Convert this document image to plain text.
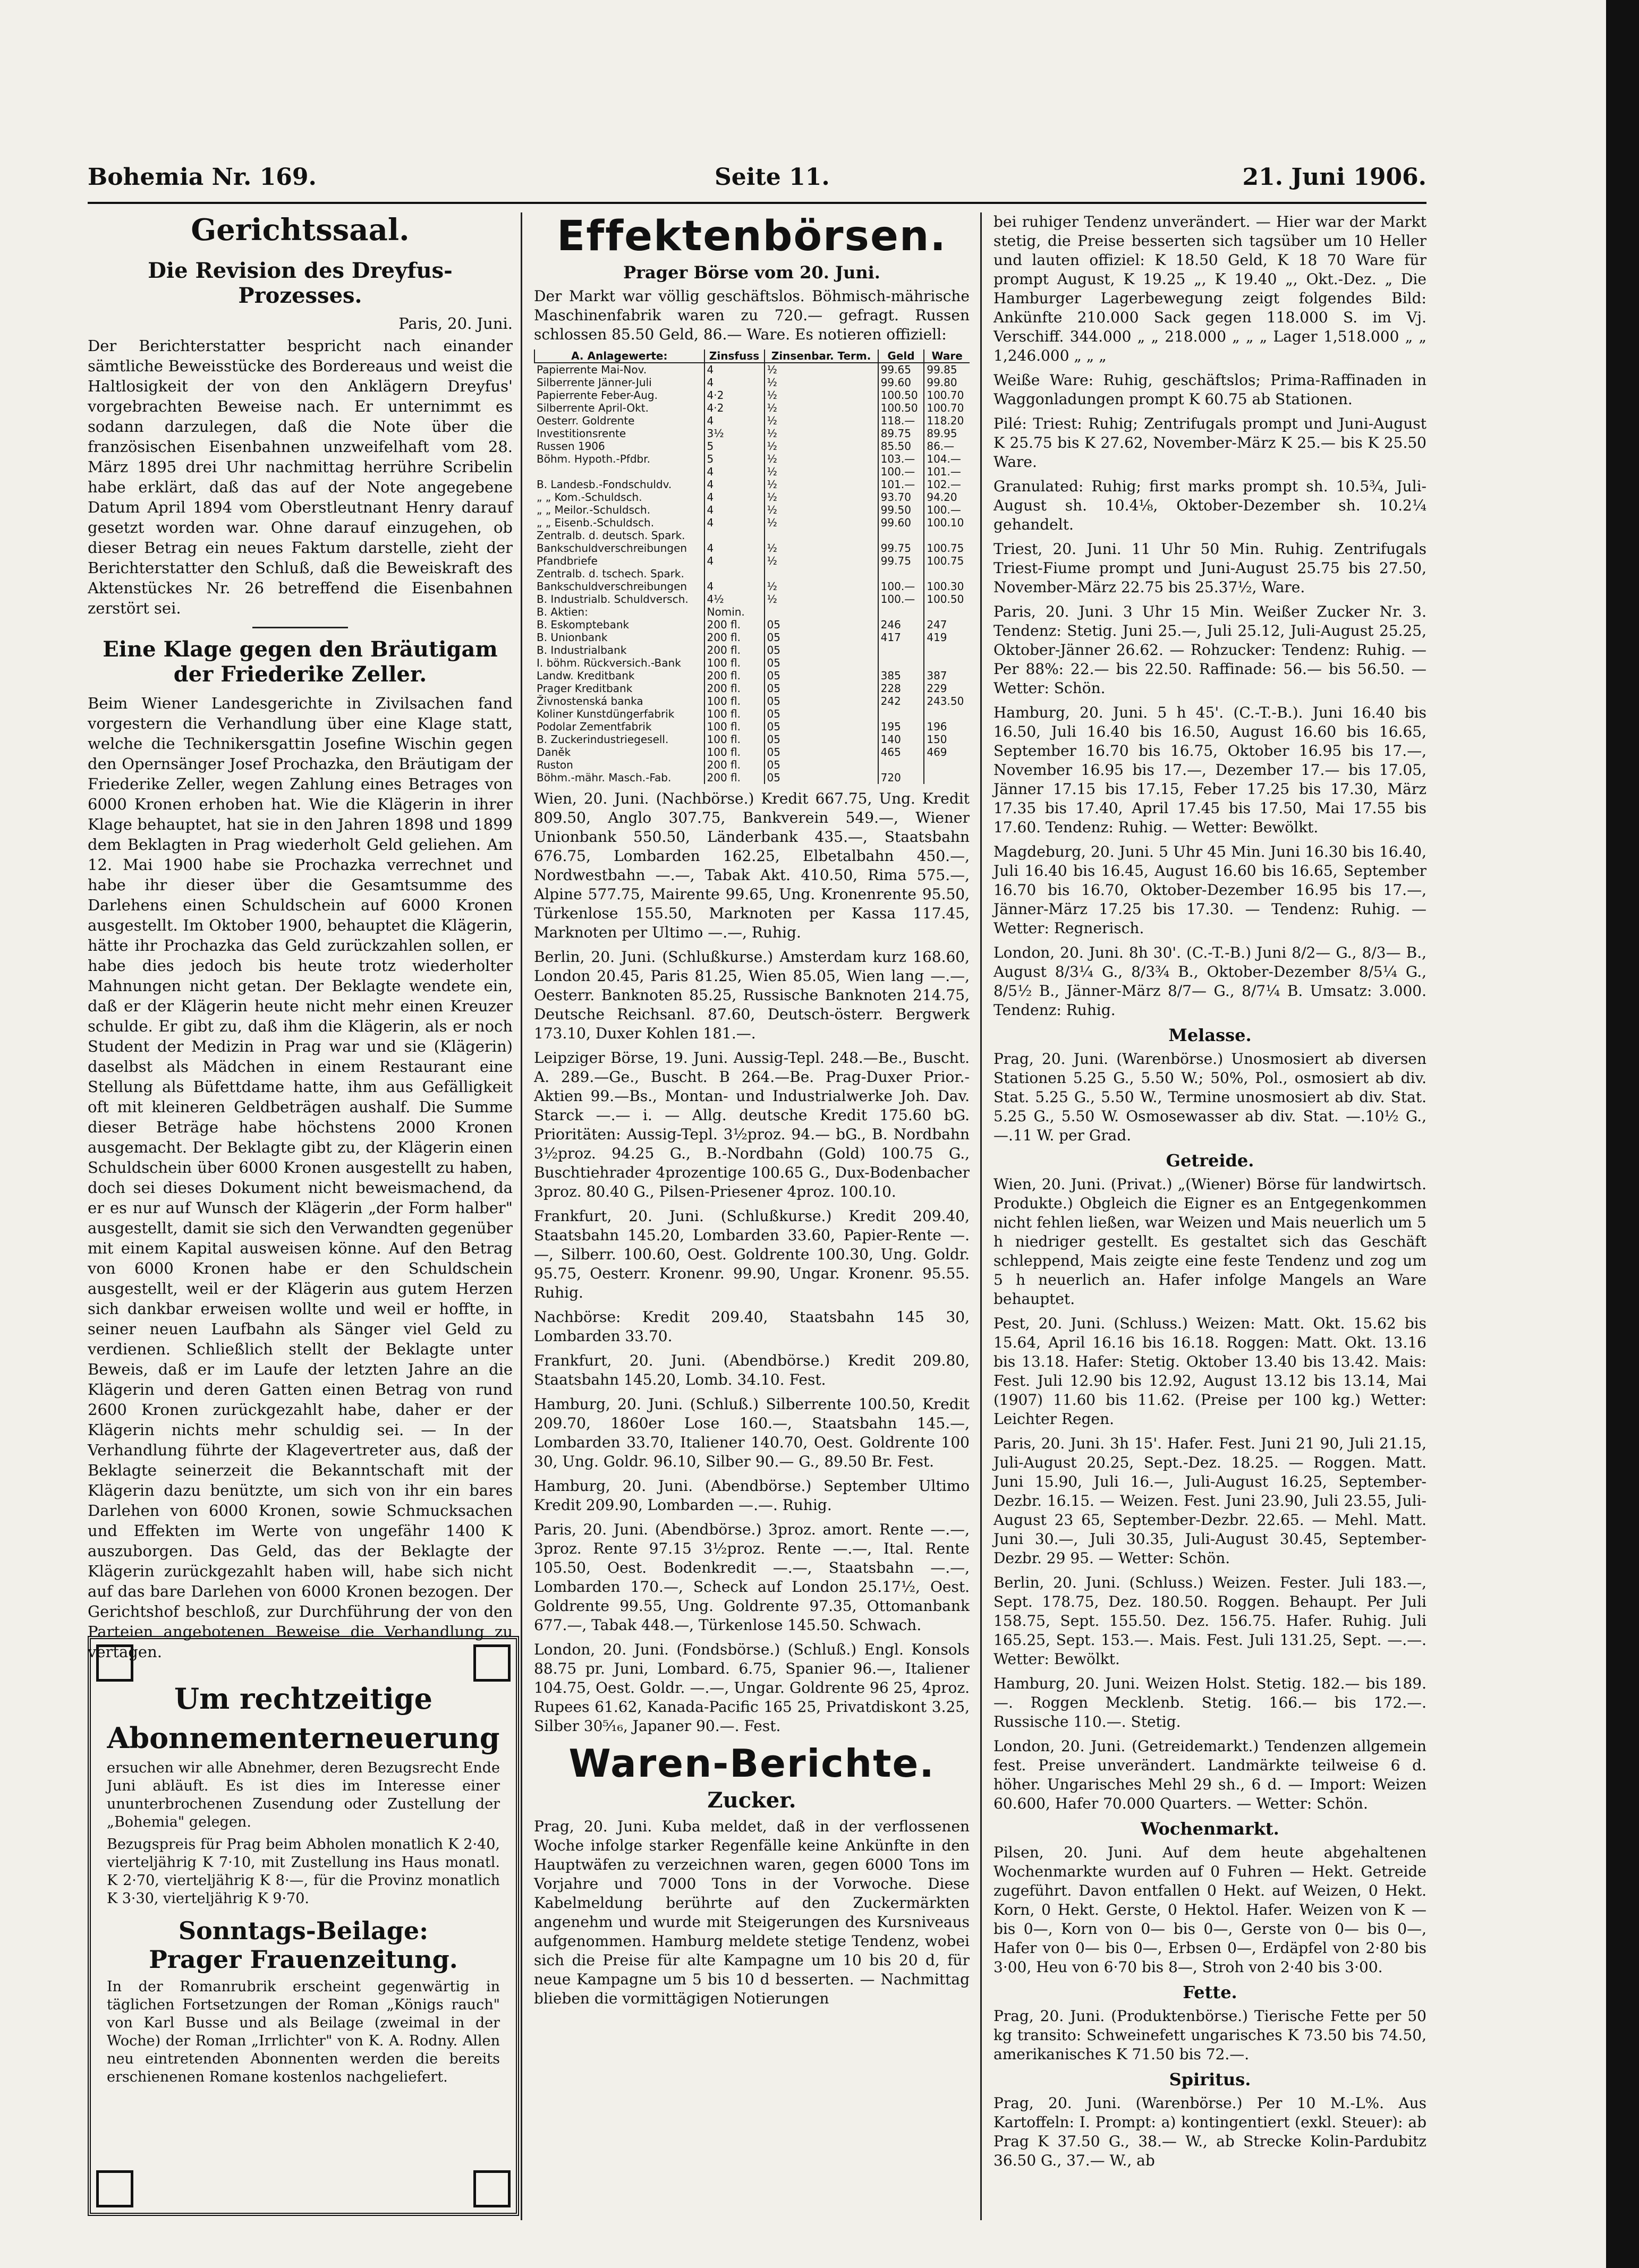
Bohemia Nr. 169.	Seite 11.	21. Juni 1906.
Gerichtssaal.
Die Revision des Dreyfus-Prozesses.
Paris, 20. Juni.

Der Berichterstatter bespricht nach einander sämtliche Beweisstücke des Bordereaus und weist die Haltlosigkeit der von den Anklägern Dreyfus' vorgebrachten Beweise nach. Er unternimmt es sodann darzulegen, daß die Note über die französischen Eisenbahnen unzweifelhaft vom 28. März 1895 drei Uhr nachmittag herrühre Scribelin habe erklärt, daß das auf der Note angegebene Datum April 1894 vom Oberstleutnant Henry darauf gesetzt worden war. Ohne darauf einzugehen, ob dieser Betrag ein neues Faktum darstelle, zieht der Berichterstatter den Schluß, daß die Beweiskraft des Aktenstückes Nr. 26 betreffend die Eisenbahnen zerstört sei.

Eine Klage gegen den Bräutigam der Friederike Zeller.

Beim Wiener Landesgerichte in Zivilsachen fand vorgestern die Verhandlung über eine Klage statt, welche die Technikersgattin Josefine Wischin gegen den Opernsänger Josef Prochazka, den Bräutigam der Friederike Zeller, wegen Zahlung eines Betrages von 6000 Kronen erhoben hat. Wie die Klägerin in ihrer Klage behauptet, hat sie in den Jahren 1898 und 1899 dem Beklagten in Prag wiederholt Geld geliehen. Am 12. Mai 1900 habe sie Prochazka verrechnet und habe ihr dieser über die Gesamtsumme des Darlehens einen Schuldschein auf 6000 Kronen ausgestellt. Im Oktober 1900, behauptet die Klägerin, hätte ihr Prochazka das Geld zurückzahlen sollen, er habe dies jedoch bis heute trotz wiederholter Mahnungen nicht getan. Der Beklagte wendete ein, daß er der Klägerin heute nicht mehr einen Kreuzer schulde. Er gibt zu, daß ihm die Klägerin, als er noch Student der Medizin in Prag war und sie (Klägerin) daselbst als Mädchen in einem Restaurant eine Stellung als Büfettdame hatte, ihm aus Gefälligkeit oft mit kleineren Geldbeträgen aushalf. Die Summe dieser Beträge habe höchstens 2000 Kronen ausgemacht. Der Beklagte gibt zu, der Klägerin einen Schuldschein über 6000 Kronen ausgestellt zu haben, doch sei dieses Dokument nicht beweismachend, da er es nur auf Wunsch der Klägerin „der Form halber" ausgestellt, damit sie sich den Verwandten gegenüber mit einem Kapital ausweisen könne. Auf den Betrag von 6000 Kronen habe er den Schuldschein ausgestellt, weil er der Klägerin aus gutem Herzen sich dankbar erweisen wollte und weil er hoffte, in seiner neuen Laufbahn als Sänger viel Geld zu verdienen. Schließlich stellt der Beklagte unter Beweis, daß er im Laufe der letzten Jahre an die Klägerin und deren Gatten einen Betrag von rund 2600 Kronen zurückgezahlt habe, daher er der Klägerin nichts mehr schuldig sei. — In der Verhandlung führte der Klagevertreter aus, daß der Beklagte seinerzeit die Bekanntschaft mit der Klägerin dazu benützte, um sich von ihr ein bares Darlehen von 6000 Kronen, sowie Schmucksachen und Effekten im Werte von ungefähr 1400 K auszuborgen. Das Geld, das der Beklagte der Klägerin zurückgezahlt haben will, habe sich nicht auf das bare Darlehen von 6000 Kronen bezogen. Der Gerichtshof beschloß, zur Durchführung der von den Parteien angebotenen Beweise die Verhandlung zu vertagen.

Um rechtzeitige
Abonnementerneuerung

ersuchen wir alle Abnehmer, deren Bezugsrecht Ende Juni abläuft. Es ist dies im Interesse einer ununterbrochenen Zusendung oder Zustellung der „Bohemia" gelegen.

Bezugspreis für Prag beim Abholen monatlich K 2·40, vierteljährig K 7·10, mit Zustellung ins Haus monatl. K 2·70, vierteljährig K 8·—, für die Provinz monatlich K 3·30, vierteljährig K 9·70.

Sonntags-Beilage:
Prager Frauenzeitung.

In der Romanrubrik erscheint gegenwärtig in täglichen Fortsetzungen der Roman „Königs rauch" von Karl Busse und als Beilage (zweimal in der Woche) der Roman „Irrlichter" von K. A. Rodny. Allen neu eintretenden Abonnenten werden die bereits erschienenen Romane kostenlos nachgeliefert.

Effektenbörsen.
Prager Börse vom 20. Juni.

Der Markt war völlig geschäftslos. Böhmisch-mährische Maschinenfabrik waren zu 720.— gefragt. Russen schlossen 85.50 Geld, 86.— Ware. Es notieren offiziell:

A. Anlagewerte:	Zinsfuss	Zinsenbar. Term.	Geld	Ware
Papierrente Mai-Nov.	4	½	99.65	99.85
Silberrente Jänner-Juli	4	½	99.60	99.80
Papierrente Feber-Aug.	4·2	½	100.50	100.70
Silberrente April-Okt.	4·2	½	100.50	100.70
Oesterr. Goldrente	4	½	118.—	118.20
Investitionsrente	3½	½	89.75	89.95
Russen 1906	5	½	85.50	86.—
Böhm. Hypoth.-Pfdbr.	5	½	103.—	104.—
	4	½	100.—	101.—
B. Landesb.-Fondschuldv.	4	½	101.—	102.—
„ „ Kom.-Schuldsch.	4	½	93.70	94.20
„ „ Meilor.-Schuldsch.	4	½	99.50	100.—
„ „ Eisenb.-Schuldsch.	4	½	99.60	100.10
Zentralb. d. deutsch. Spark.				
Bankschuldverschreibungen	4	½	99.75	100.75
Pfandbriefe	4	½	99.75	100.75
Zentralb. d. tschech. Spark.				
Bankschuldverschreibungen	4	½	100.—	100.30
B. Industrialb. Schuldversch.	4½	½	100.—	100.50
B. Aktien:	Nomin.			
B. Eskomptebank	200 fl.	05	246	247
B. Unionbank	200 fl.	05	417	419
B. Industrialbank	200 fl.	05		
I. böhm. Rückversich.-Bank	100 fl.	05		
Landw. Kreditbank	200 fl.	05	385	387
Prager Kreditbank	200 fl.	05	228	229
Živnostenská banka	100 fl.	05	242	243.50
Koliner Kunstdüngerfabrik	100 fl.	05		
Podolar Zementfabrik	100 fl.	05	195	196
B. Zuckerindustriegesell.	100 fl.	05	140	150
Daněk	100 fl.	05	465	469
Ruston	200 fl.	05		
Böhm.-mähr. Masch.-Fab.	200 fl.	05	720	

Wien, 20. Juni. (Nachbörse.) Kredit 667.75, Ung. Kredit 809.50, Anglo 307.75, Bankverein 549.—, Wiener Unionbank 550.50, Länderbank 435.—, Staatsbahn 676.75, Lombarden 162.25, Elbetalbahn 450.—, Nordwestbahn —.—, Tabak Akt. 410.50, Rima 575.—, Alpine 577.75, Mairente 99.65, Ung. Kronenrente 95.50, Türkenlose 155.50, Marknoten per Kassa 117.45, Marknoten per Ultimo —.—, Ruhig.

Berlin, 20. Juni. (Schlußkurse.) Amsterdam kurz 168.60, London 20.45, Paris 81.25, Wien 85.05, Wien lang —.—, Oesterr. Banknoten 85.25, Russische Banknoten 214.75, Deutsche Reichsanl. 87.60, Deutsch-österr. Bergwerk 173.10, Duxer Kohlen 181.—.

Leipziger Börse, 19. Juni. Aussig-Tepl. 248.—Be., Buscht. A. 289.—Ge., Buscht. B 264.—Be. Prag-Duxer Prior.-Aktien 99.—Bs., Montan- und Industrialwerke Joh. Dav. Starck —.— i. — Allg. deutsche Kredit 175.60 bG. Prioritäten: Aussig-Tepl. 3½proz. 94.— bG., B. Nordbahn 3½proz. 94.25 G., B.-Nordbahn (Gold) 100.75 G., Buschtiehrader 4prozentige 100.65 G., Dux-Bodenbacher 3proz. 80.40 G., Pilsen-Priesener 4proz. 100.10.

Frankfurt, 20. Juni. (Schlußkurse.) Kredit 209.40, Staatsbahn 145.20, Lombarden 33.60, Papier-Rente —.—, Silberr. 100.60, Oest. Goldrente 100.30, Ung. Goldr. 95.75, Oesterr. Kronenr. 99.90, Ungar. Kronenr. 95.55. Ruhig.

Nachbörse: Kredit 209.40, Staatsbahn 145 30, Lombarden 33.70.

Frankfurt, 20. Juni. (Abendbörse.) Kredit 209.80, Staatsbahn 145.20, Lomb. 34.10. Fest.

Hamburg, 20. Juni. (Schluß.) Silberrente 100.50, Kredit 209.70, 1860er Lose 160.—, Staatsbahn 145.—, Lombarden 33.70, Italiener 140.70, Oest. Goldrente 100 30, Ung. Goldr. 96.10, Silber 90.— G., 89.50 Br. Fest.

Hamburg, 20. Juni. (Abendbörse.) September Ultimo Kredit 209.90, Lombarden —.—. Ruhig.

Paris, 20. Juni. (Abendbörse.) 3proz. amort. Rente —.—, 3proz. Rente 97.15 3½proz. Rente —.—, Ital. Rente 105.50, Oest. Bodenkredit —.—, Staatsbahn —.—, Lombarden 170.—, Scheck auf London 25.17½, Oest. Goldrente 99.55, Ung. Goldrente 97.35, Ottomanbank 677.—, Tabak 448.—, Türkenlose 145.50. Schwach.

London, 20. Juni. (Fondsbörse.) (Schluß.) Engl. Konsols 88.75 pr. Juni, Lombard. 6.75, Spanier 96.—, Italiener 104.75, Oest. Goldr. —.—, Ungar. Goldrente 96 25, 4proz. Rupees 61.62, Kanada-Pacific 165 25, Privatdiskont 3.25, Silber 30⁵⁄₁₆, Japaner 90.—. Fest.

Waren-Berichte.
Zucker.

Prag, 20. Juni. Kuba meldet, daß in der verflossenen Woche infolge starker Regenfälle keine Ankünfte in den Hauptwäfen zu verzeichnen waren, gegen 6000 Tons im Vorjahre und 7000 Tons in der Vorwoche. Diese Kabelmeldung berührte auf den Zuckermärkten angenehm und wurde mit Steigerungen des Kursniveaus aufgenommen. Hamburg meldete stetige Tendenz, wobei sich die Preise für alte Kampagne um 10 bis 20 d, für neue Kampagne um 5 bis 10 d besserten. — Nachmittag blieben die vormittägigen Notierungen

bei ruhiger Tendenz unverändert. — Hier war der Markt stetig, die Preise besserten sich tagsüber um 10 Heller und lauten offiziel: K 18.50 Geld, K 18 70 Ware für prompt August, K 19.25 „, K 19.40 „, Okt.-Dez. „ Die Hamburger Lagerbewegung zeigt folgendes Bild: Ankünfte 210.000 Sack gegen 118.000 S. im Vj. Verschiff. 344.000 „ „ 218.000 „ „ „ Lager 1,518.000 „ „ 1,246.000 „ „ „

Weiße Ware: Ruhig, geschäftslos; Prima-Raffinaden in Waggonladungen prompt K 60.75 ab Stationen.

Pilé: Triest: Ruhig; Zentrifugals prompt und Juni-August K 25.75 bis K 27.62, November-März K 25.— bis K 25.50 Ware.

Granulated: Ruhig; first marks prompt sh. 10.5¾, Juli-August sh. 10.4⅛, Oktober-Dezember sh. 10.2¼ gehandelt.

Triest, 20. Juni. 11 Uhr 50 Min. Ruhig. Zentrifugals Triest-Fiume prompt und Juni-August 25.75 bis 27.50, November-März 22.75 bis 25.37½, Ware.

Paris, 20. Juni. 3 Uhr 15 Min. Weißer Zucker Nr. 3. Tendenz: Stetig. Juni 25.—, Juli 25.12, Juli-August 25.25, Oktober-Jänner 26.62. — Rohzucker: Tendenz: Ruhig. — Per 88%: 22.— bis 22.50. Raffinade: 56.— bis 56.50. — Wetter: Schön.

Hamburg, 20. Juni. 5 h 45'. (C.-T.-B.). Juni 16.40 bis 16.50, Juli 16.40 bis 16.50, August 16.60 bis 16.65, September 16.70 bis 16.75, Oktober 16.95 bis 17.—, November 16.95 bis 17.—, Dezember 17.— bis 17.05, Jänner 17.15 bis 17.15, Feber 17.25 bis 17.30, März 17.35 bis 17.40, April 17.45 bis 17.50, Mai 17.55 bis 17.60. Tendenz: Ruhig. — Wetter: Bewölkt.

Magdeburg, 20. Juni. 5 Uhr 45 Min. Juni 16.30 bis 16.40, Juli 16.40 bis 16.45, August 16.60 bis 16.65, September 16.70 bis 16.70, Oktober-Dezember 16.95 bis 17.—, Jänner-März 17.25 bis 17.30. — Tendenz: Ruhig. — Wetter: Regnerisch.

London, 20. Juni. 8h 30'. (C.-T.-B.) Juni 8/2— G., 8/3— B., August 8/3¼ G., 8/3¾ B., Oktober-Dezember 8/5¼ G., 8/5½ B., Jänner-März 8/7— G., 8/7¼ B. Umsatz: 3.000. Tendenz: Ruhig.

Melasse.

Prag, 20. Juni. (Warenbörse.) Unosmosiert ab diversen Stationen 5.25 G., 5.50 W.; 50%, Pol., osmosiert ab div. Stat. 5.25 G., 5.50 W., Termine unosmosiert ab div. Stat. 5.25 G., 5.50 W. Osmosewasser ab div. Stat. —.10½ G., —.11 W. per Grad.

Getreide.

Wien, 20. Juni. (Privat.) „(Wiener) Börse für landwirtsch. Produkte.) Obgleich die Eigner es an Entgegenkommen nicht fehlen ließen, war Weizen und Mais neuerlich um 5 h niedriger gestellt. Es gestaltet sich das Geschäft schleppend, Mais zeigte eine feste Tendenz und zog um 5 h neuerlich an. Hafer infolge Mangels an Ware behauptet.

Pest, 20. Juni. (Schluss.) Weizen: Matt. Okt. 15.62 bis 15.64, April 16.16 bis 16.18. Roggen: Matt. Okt. 13.16 bis 13.18. Hafer: Stetig. Oktober 13.40 bis 13.42. Mais: Fest. Juli 12.90 bis 12.92, August 13.12 bis 13.14, Mai (1907) 11.60 bis 11.62. (Preise per 100 kg.) Wetter: Leichter Regen.

Paris, 20. Juni. 3h 15'. Hafer. Fest. Juni 21 90, Juli 21.15, Juli-August 20.25, Sept.-Dez. 18.25. — Roggen. Matt. Juni 15.90, Juli 16.—, Juli-August 16.25, September-Dezbr. 16.15. — Weizen. Fest. Juni 23.90, Juli 23.55, Juli-August 23 65, September-Dezbr. 22.65. — Mehl. Matt. Juni 30.—, Juli 30.35, Juli-August 30.45, September-Dezbr. 29 95. — Wetter: Schön.

Berlin, 20. Juni. (Schluss.) Weizen. Fester. Juli 183.—, Sept. 178.75, Dez. 180.50. Roggen. Behaupt. Per Juli 158.75, Sept. 155.50. Dez. 156.75. Hafer. Ruhig. Juli 165.25, Sept. 153.—. Mais. Fest. Juli 131.25, Sept. —.—. Wetter: Bewölkt.

Hamburg, 20. Juni. Weizen Holst. Stetig. 182.— bis 189.—. Roggen Mecklenb. Stetig. 166.— bis 172.—. Russische 110.—. Stetig.

London, 20. Juni. (Getreidemarkt.) Tendenzen allgemein fest. Preise unverändert. Landmärkte teilweise 6 d. höher. Ungarisches Mehl 29 sh., 6 d. — Import: Weizen 60.600, Hafer 70.000 Quarters. — Wetter: Schön.

Wochenmarkt.

Pilsen, 20. Juni. Auf dem heute abgehaltenen Wochenmarkte wurden auf 0 Fuhren — Hekt. Getreide zugeführt. Davon entfallen 0 Hekt. auf Weizen, 0 Hekt. Korn, 0 Hekt. Gerste, 0 Hektol. Hafer. Weizen von K — bis 0—, Korn von 0— bis 0—, Gerste von 0— bis 0—, Hafer von 0— bis 0—, Erbsen 0—, Erdäpfel von 2·80 bis 3·00, Heu von 6·70 bis 8—, Stroh von 2·40 bis 3·00.

Fette.

Prag, 20. Juni. (Produktenbörse.) Tierische Fette per 50 kg transito: Schweinefett ungarisches K 73.50 bis 74.50, amerikanisches K 71.50 bis 72.—.

Spiritus.

Prag, 20. Juni. (Warenbörse.) Per 10 M.-L%. Aus Kartoffeln: I. Prompt: a) kontingentiert (exkl. Steuer): ab Prag K 37.50 G., 38.— W., ab Strecke Kolin-Pardubitz 36.50 G., 37.— W., ab
